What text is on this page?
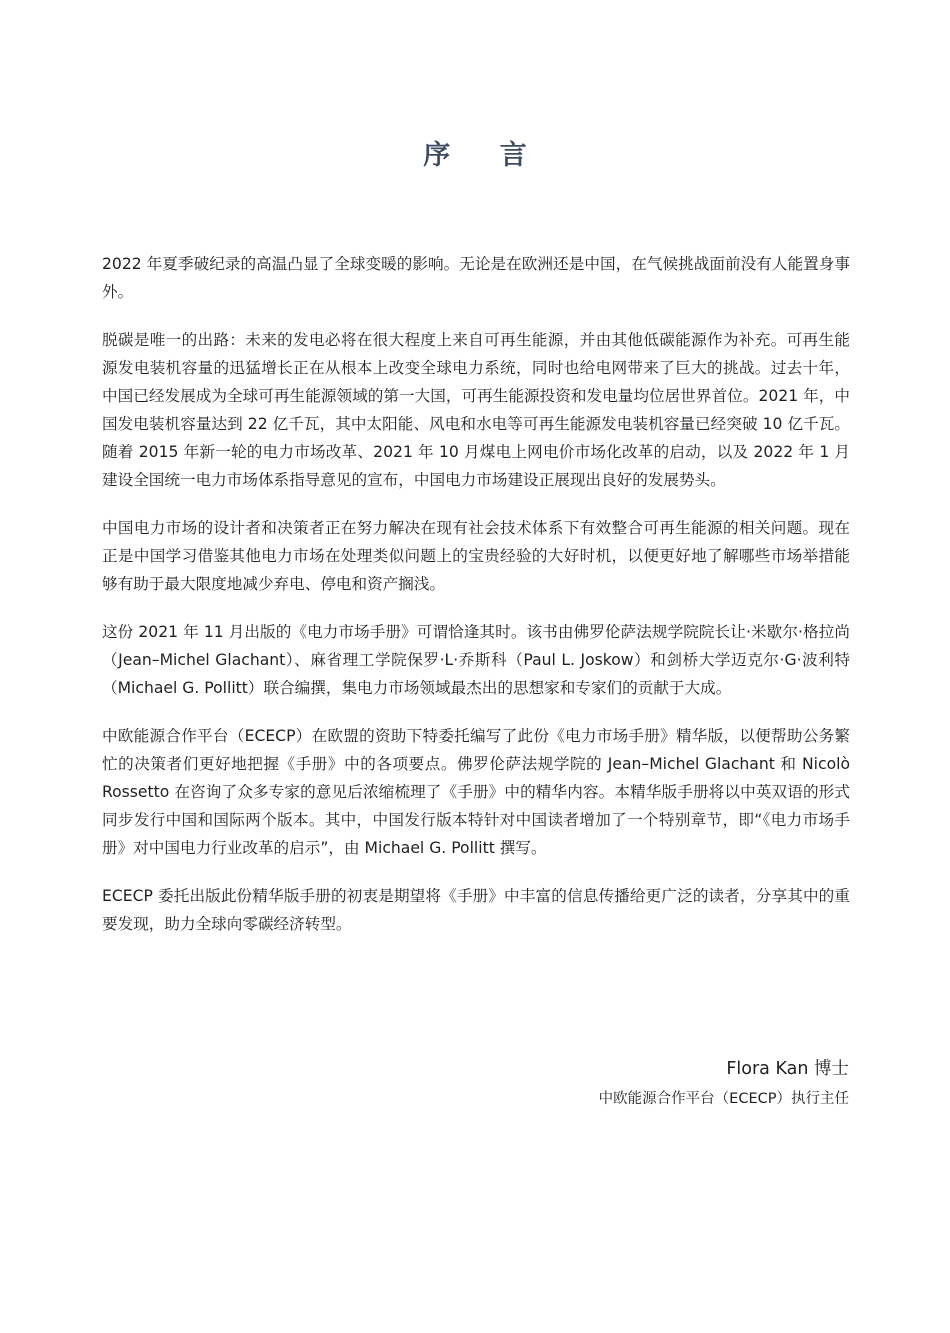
序 言

2022 年夏季破纪录的高温凸显了全球变暖的影响。无论是在欧洲还是中国，在气候挑战面前没有人能置身事外。

脱碳是唯一的出路：未来的发电必将在很大程度上来自可再生能源，并由其他低碳能源作为补充。可再生能源发电装机容量的迅猛增长正在从根本上改变全球电力系统，同时也给电网带来了巨大的挑战。过去十年，中国已经发展成为全球可再生能源领域的第一大国，可再生能源投资和发电量均位居世界首位。2021 年，中国发电装机容量达到 22 亿千瓦，其中太阳能、风电和水电等可再生能源发电装机容量已经突破 10 亿千瓦。随着 2015 年新一轮的电力市场改革、2021 年 10 月煤电上网电价市场化改革的启动，以及 2022 年 1 月建设全国统一电力市场体系指导意见的宣布，中国电力市场建设正展现出良好的发展势头。

中国电力市场的设计者和决策者正在努力解决在现有社会技术体系下有效整合可再生能源的相关问题。现在正是中国学习借鉴其他电力市场在处理类似问题上的宝贵经验的大好时机，以便更好地了解哪些市场举措能够有助于最大限度地减少弃电、停电和资产搁浅。

这份 2021 年 11 月出版的《电力市场手册》可谓恰逢其时。该书由佛罗伦萨法规学院院长让·米歇尔·格拉尚（Jean–Michel Glachant）、麻省理工学院保罗·L·乔斯科（Paul L. Joskow）和剑桥大学迈克尔·G·波利特（Michael G. Pollitt）联合编撰，集电力市场领域最杰出的思想家和专家们的贡献于大成。

中欧能源合作平台（ECECP）在欧盟的资助下特委托编写了此份《电力市场手册》精华版，以便帮助公务繁忙的决策者们更好地把握《手册》中的各项要点。佛罗伦萨法规学院的 Jean–Michel Glachant 和 Nicolò Rossetto 在咨询了众多专家的意见后浓缩梳理了《手册》中的精华内容。本精华版手册将以中英双语的形式同步发行中国和国际两个版本。其中，中国发行版本特针对中国读者增加了一个特别章节，即“《电力市场手册》对中国电力行业改革的启示”，由 Michael G. Pollitt 撰写。

ECECP 委托出版此份精华版手册的初衷是期望将《手册》中丰富的信息传播给更广泛的读者，分享其中的重要发现，助力全球向零碳经济转型。

Flora Kan 博士

中欧能源合作平台（ECECP）执行主任
